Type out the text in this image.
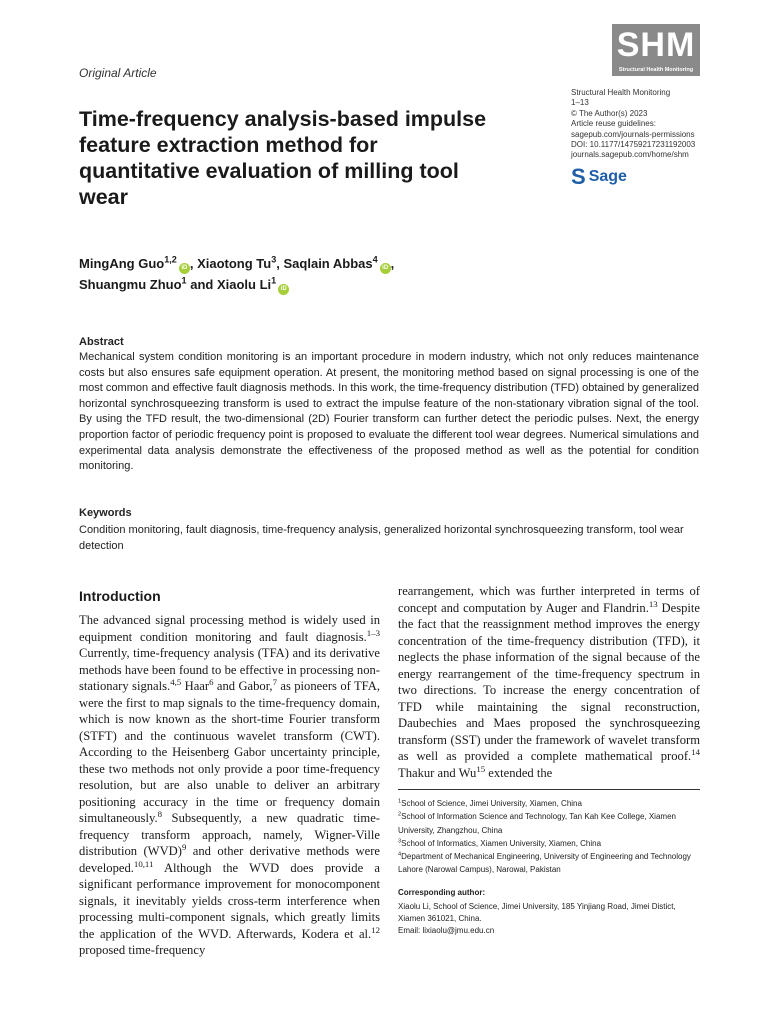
Original Article
SHM
Structural Health Monitoring
Structural Health Monitoring
1–13
© The Author(s) 2023
Article reuse guidelines:
sagepub.com/journals-permissions
DOI: 10.1177/14759217231192003
journals.sagepub.com/home/shm
S Sage
Time-frequency analysis-based impulse feature extraction method for quantitative evaluation of milling tool wear
MingAng Guo$^{1,2}$iD , Xiaotong Tu$^3$, Saqlain Abbas$^4$iD ,
Shuangmu Zhuo$^1$ and Xiaolu Li$^1$iD
Abstract
Mechanical system condition monitoring is an important procedure in modern industry, which not only reduces maintenance costs but also ensures safe equipment operation. At present, the monitoring method based on signal processing is one of the most common and effective fault diagnosis methods. In this work, the time-frequency distribution (TFD) obtained by generalized horizontal synchrosqueezing transform is used to extract the impulse feature of the non-stationary vibration signal of the tool. By using the TFD result, the two-dimensional (2D) Fourier transform can further detect the periodic pulses. Next, the energy proportion factor of periodic frequency point is proposed to evaluate the different tool wear degrees. Numerical simulations and experimental data analysis demonstrate the effectiveness of the proposed method as well as the potential for condition monitoring.
Keywords
Condition monitoring, fault diagnosis, time-frequency analysis, generalized horizontal synchrosqueezing transform, tool wear detection
Introduction
The advanced signal processing method is widely used in equipment condition monitoring and fault diagnosis.$^{1-3}$ Currently, time-frequency analysis (TFA) and its derivative methods have been found to be effective in processing non-stationary signals.$^{4,5}$ Haar$^6$ and Gabor,$^7$ as pioneers of TFA, were the first to map signals to the time-frequency domain, which is now known as the short-time Fourier transform (STFT) and the continuous wavelet transform (CWT). According to the Heisenberg Gabor uncertainty principle, these two methods not only provide a poor time-frequency resolution, but are also unable to deliver an arbitrary positioning accuracy in the time or frequency domain simultaneously.$^8$ Subsequently, a new quadratic time-frequency transform approach, namely, Wigner-Ville distribution (WVD)$^9$ and other derivative methods were developed.$^{10,11}$ Although the WVD does provide a significant performance improvement for monocomponent signals, it inevitably yields cross-term interference when processing multi-component signals, which greatly limits the application of the WVD. Afterwards, Kodera et al.$^{12}$ proposed time-frequency
rearrangement, which was further interpreted in terms of concept and computation by Auger and Flandrin.$^{13}$ Despite the fact that the reassignment method improves the energy concentration of the time-frequency distribution (TFD), it neglects the phase information of the signal because of the energy rearrangement of the time-frequency spectrum in two directions. To increase the energy concentration of TFD while maintaining the signal reconstruction, Daubechies and Maes proposed the synchrosqueezing transform (SST) under the framework of wavelet transform as well as provided a complete mathematical proof.$^{14}$ Thakur and Wu$^{15}$ extended the
$^1$School of Science, Jimei University, Xiamen, China
$^2$School of Information Science and Technology, Tan Kah Kee College, Xiamen University, Zhangzhou, China
$^3$School of Informatics, Xiamen University, Xiamen, China
$^4$Department of Mechanical Engineering, University of Engineering and Technology Lahore (Narowal Campus), Narowal, Pakistan
Corresponding author:
Xiaolu Li, School of Science, Jimei University, 185 Yinjiang Road, Jimei Distict, Xiamen 361021, China.
Email: lixiaolu@jmu.edu.cn
